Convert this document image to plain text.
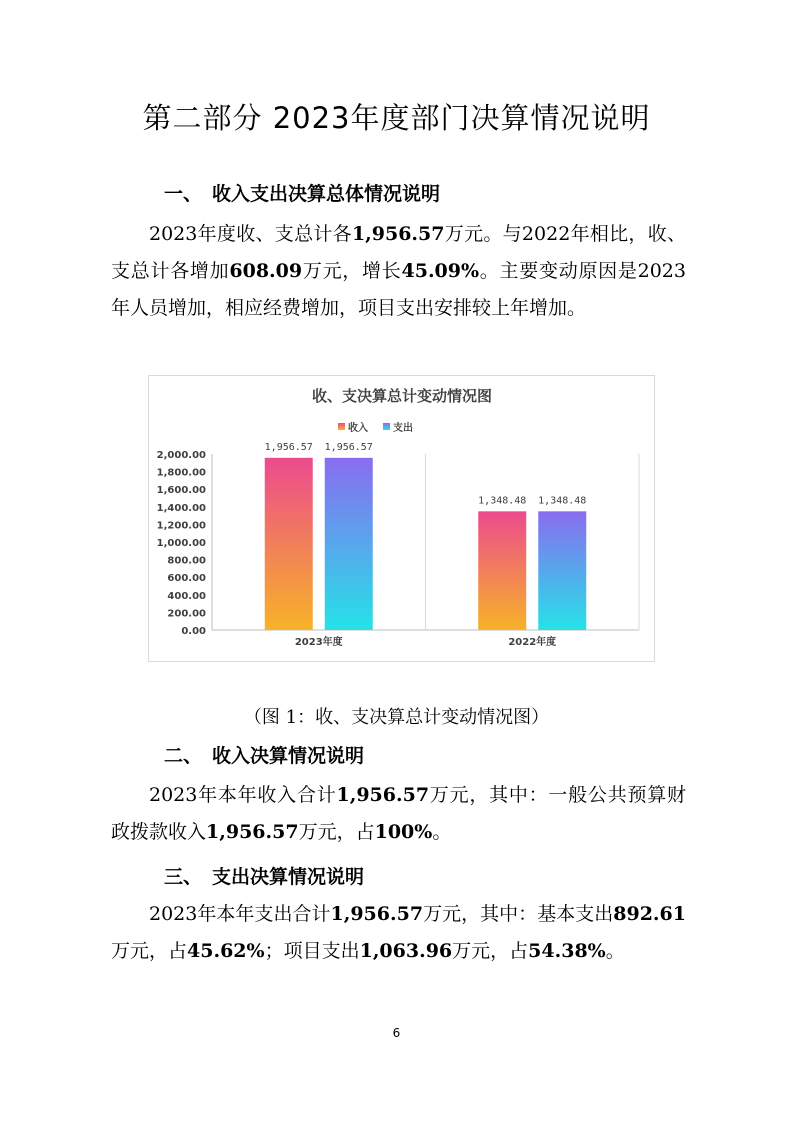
第二部分 2023年度部门决算情况说明
一、 收入支出决算总体情况说明

2023年度收、支总计各1,956.57万元。与2022年相比，收、支总计各增加608.09万元，增长45.09%。主要变动原因是2023年人员增加，相应经费增加，项目支出安排较上年增加。

收、支决算总计变动情况图
收入	支出
0.00
200.00
400.00
600.00
800.00
1,000.00
1,200.00
1,400.00
1,600.00
1,800.00
2,000.00
2023年度	2022年度
1,956.57 1,956.57
1,348.48 1,348.48

（图 1：收、支决算总计变动情况图）

二、 收入决算情况说明

2023年本年收入合计1,956.57万元，其中：一般公共预算财政拨款收入1,956.57万元，占100%。

三、 支出决算情况说明

2023年本年支出合计1,956.57万元，其中：基本支出892.61万元，占45.62%；项目支出1,063.96万元，占54.38%。

6
